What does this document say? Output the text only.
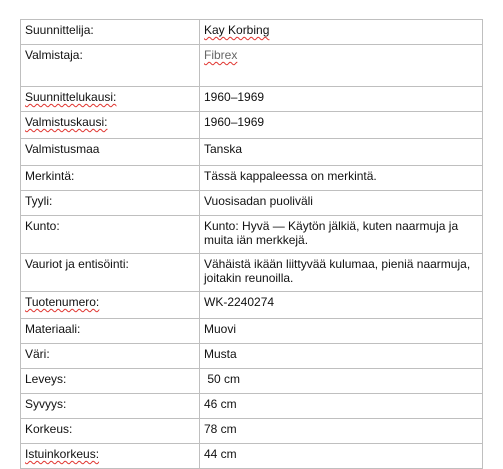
Suunnittelija:	Kay Korbing
Valmistaja:	Fibrex
Suunnittelukausi:	1960–1969
Valmistuskausi:	1960–1969
Valmistusmaa	Tanska
Merkintä:	Tässä kappaleessa on merkintä.
Tyyli:	Vuosisadan puoliväli
Kunto:	Kunto: Hyvä — Käytön jälkiä, kuten naarmuja ja muita iän merkkejä.
Vauriot ja entisöinti:	Vähäistä ikään liittyvää kulumaa, pieniä naarmuja, joitakin reunoilla.
Tuotenumero:	WK-2240274
Materiaali:	Muovi
Väri:	Musta
Leveys:	50 cm
Syvyys:	46 cm
Korkeus:	78 cm
Istuinkorkeus:	44 cm
